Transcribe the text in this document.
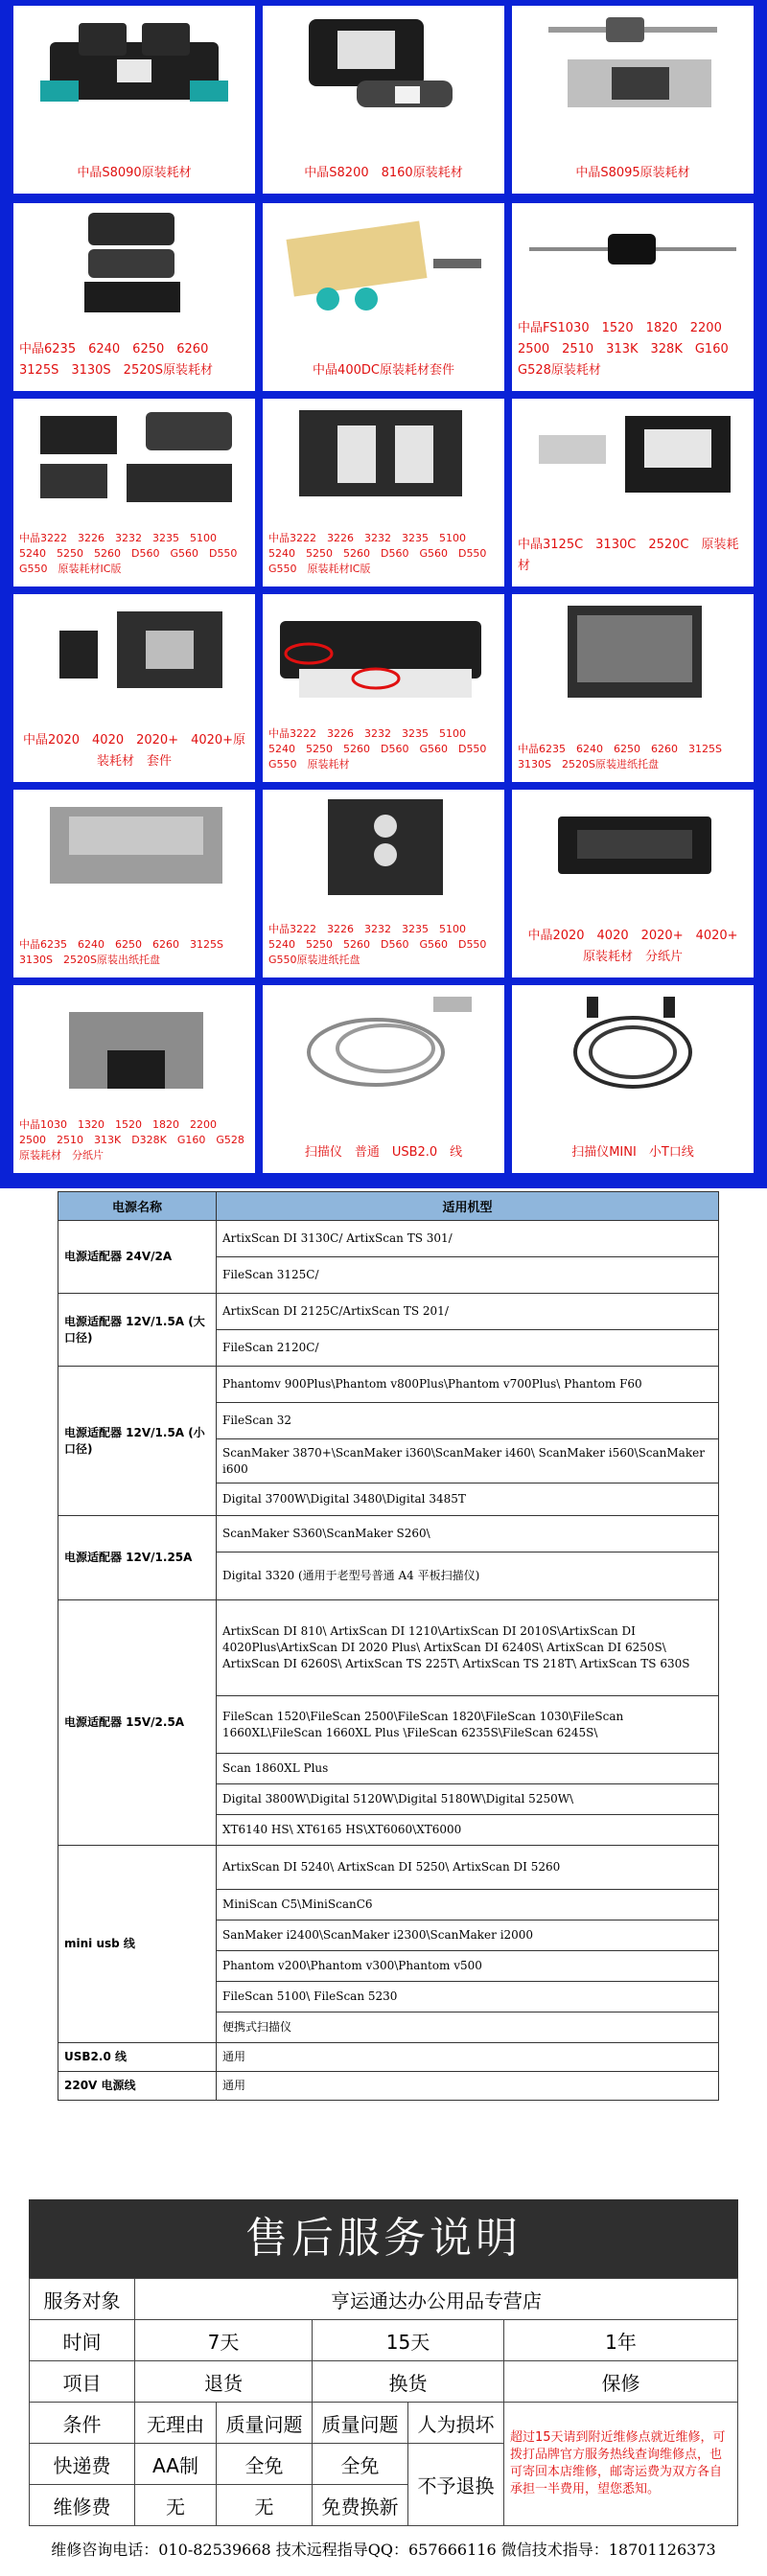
中晶S8090原装耗材	中晶S8200　8160原装耗材	中晶S8095原装耗材
中晶6235　6240　6250　6260　3125S　3130S　2520S原装耗材	中晶400DC原装耗材套件
中晶FS1030　1520　1820　2200　2500　2510　313K　328K　G160　G528原装耗材
中晶3222　3226　3232　3235　5100　5240　5250　5260　D560　G560　D550　G550　原装耗材IC版
中晶3222　3226　3232　3235　5100　5240　5250　5260　D560　G560　D550　G550　原装耗材IC版
中晶3125C　3130C　2520C　原装耗材
中晶2020　4020　2020+　4020+原装耗材　套件
中晶3222　3226　3232　3235　5100　5240　5250　5260　D560　G560　D550　G550　原装耗材
中晶6235　6240　6250　6260　3125S　3130S　2520S原装进纸托盘
中晶6235　6240　6250　6260　3125S　3130S　2520S原装出纸托盘
中晶3222　3226　3232　3235　5100　5240　5250　5260　D560　G560　D550　G550原装进纸托盘
中晶2020　4020　2020+　4020+　原装耗材　分纸片
中晶1030　1320　1520　1820　2200　2500　2510　313K　D328K　G160　G528原装耗材　分纸片	扫描仪　普通　USB2.0　线	扫描仪MINI　小T口线
电源名称	适用机型
电源适配器 24V/2A	ArtixScan DI 3130C/ ArtixScan TS 301/
	FileScan 3125C/
电源适配器 12V/1.5A (大口径)	ArtixScan DI 2125C/ArtixScan TS 201/
	FileScan 2120C/
电源适配器 12V/1.5A (小口径)	Phantomv 900Plus\Phantom v800Plus\Phantom v700Plus\ Phantom F60
	FileScan 32
	ScanMaker 3870+\ScanMaker i360\ScanMaker i460\ ScanMaker i560\ScanMaker i600
	Digital 3700W\Digital 3480\Digital 3485T
电源适配器 12V/1.25A	ScanMaker S360\ScanMaker S260\
	Digital 3320 (通用于老型号普通 A4 平板扫描仪)
电源适配器 15V/2.5A	ArtixScan DI 810\ ArtixScan DI 1210\ArtixScan DI 2010S\ArtixScan DI 4020Plus\ArtixScan DI 2020 Plus\ ArtixScan DI 6240S\ ArtixScan DI 6250S\ ArtixScan DI 6260S\ ArtixScan TS 225T\ ArtixScan TS 218T\ ArtixScan TS 630S
	FileScan 1520\FileScan 2500\FileScan 1820\FileScan 1030\FileScan 1660XL\FileScan 1660XL Plus \FileScan 6235S\FileScan 6245S\
	Scan 1860XL Plus
	Digital 3800W\Digital 5120W\Digital 5180W\Digital 5250W\
	XT6140 HS\ XT6165 HS\XT6060\XT6000
mini usb 线	ArtixScan DI 5240\ ArtixScan DI 5250\ ArtixScan DI 5260
	MiniScan C5\MiniScanC6
	SanMaker i2400\ScanMaker i2300\ScanMaker i2000
	Phantom v200\Phantom v300\Phantom v500
	FileScan 5100\ FileScan 5230
	便携式扫描仪
USB2.0 线	通用
220V 电源线	通用
售后服务说明
服务对象	亨运通达办公用品专营店				
时间	7天		15天		1年
项目	退货		换货		保修
条件	无理由	质量问题	质量问题	人为损坏	超过15天请到附近维修点就近维修，可拨打品牌官方服务热线查询维修点，也可寄回本店维修，邮寄运费为双方各自承担一半费用，望您悉知。
快递费	AA制	全免	全免	不予退换	
维修费	无	无	免费换新		
维修咨询电话：010-82539668 技术远程指导QQ：657666116 微信技术指导：18701126373
